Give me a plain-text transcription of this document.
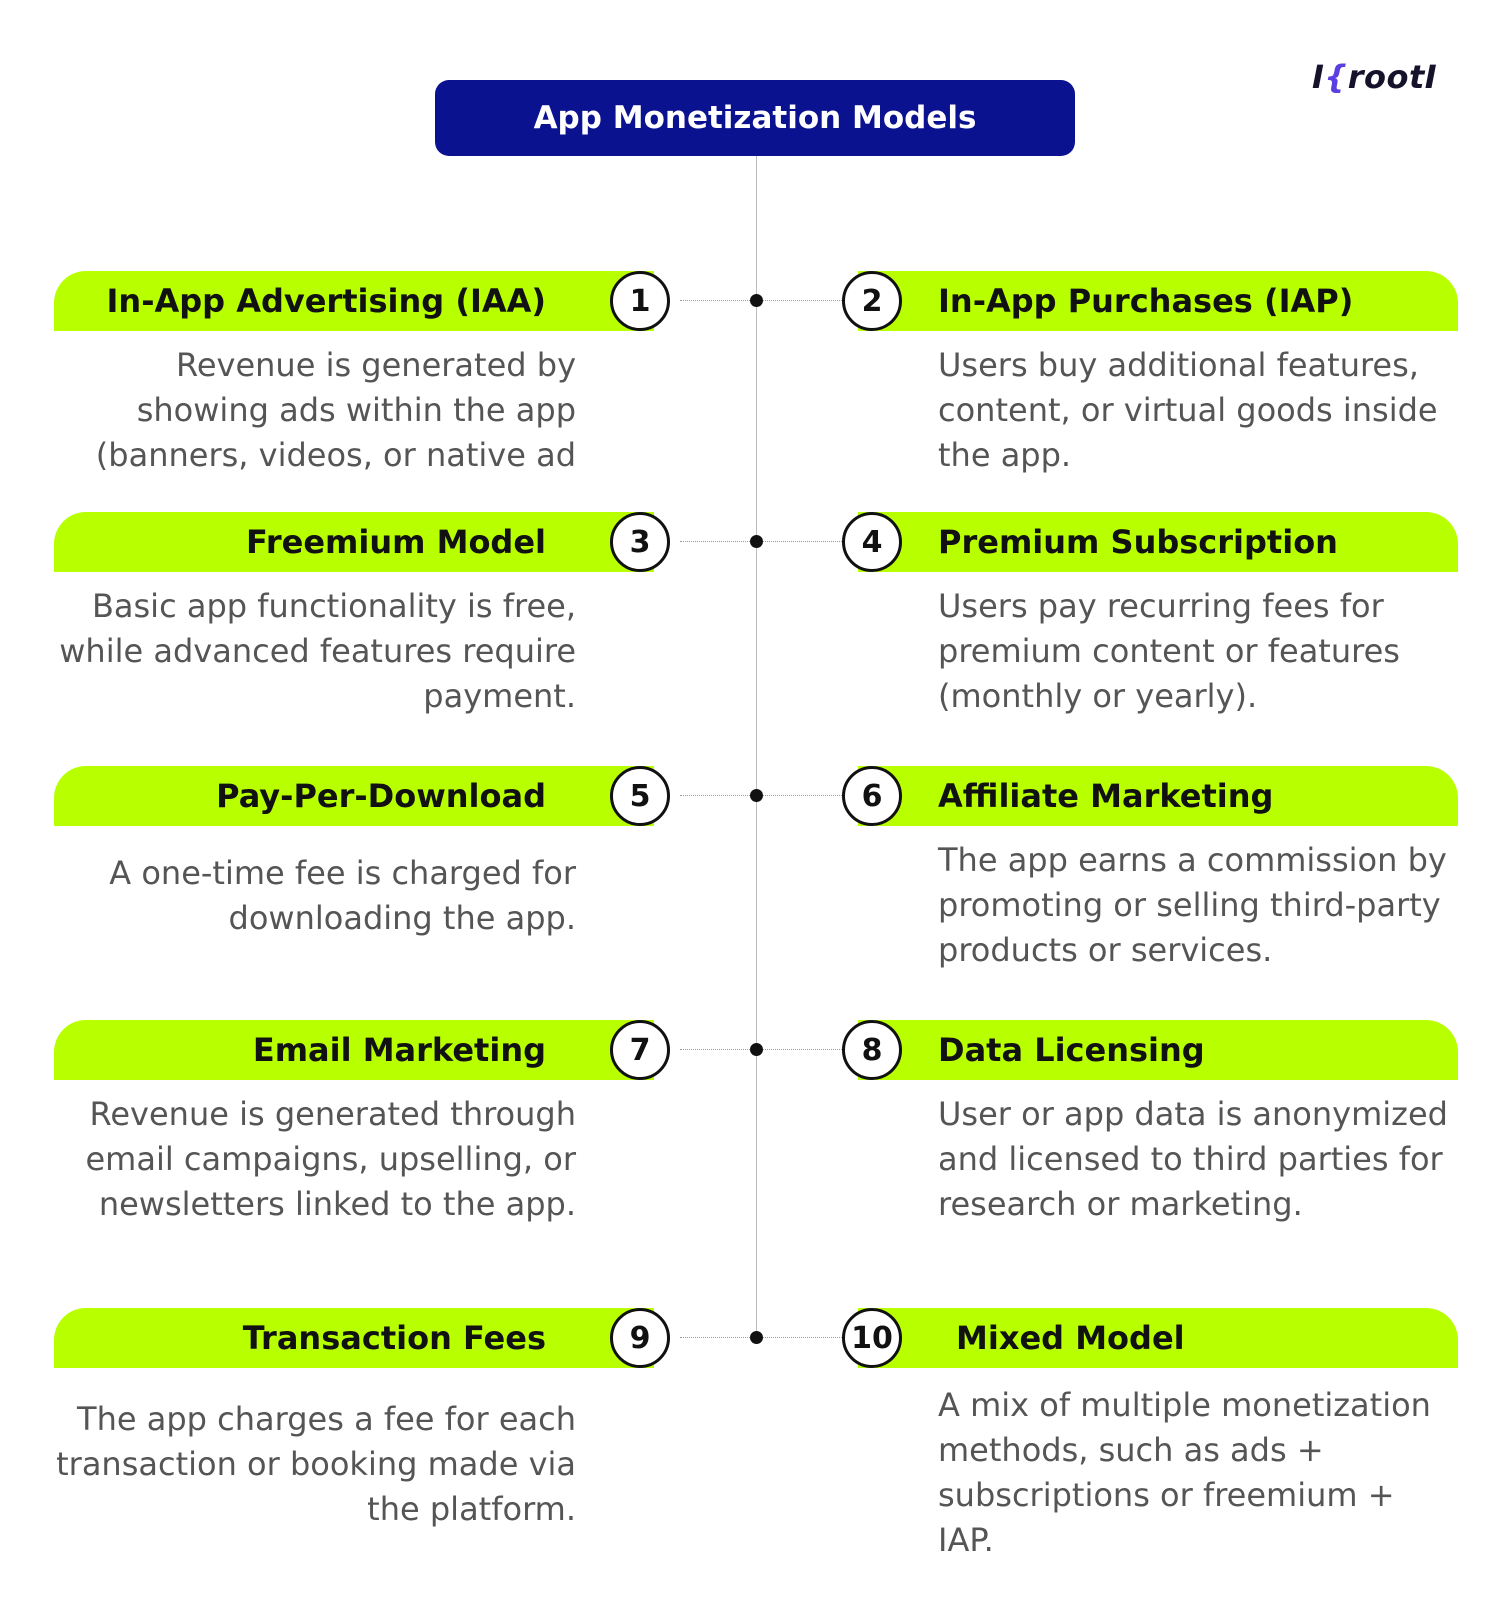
App Monetization Models
I{rootI
In-App Advertising (IAA)	1
Revenue is generated by showing ads within the app (banners, videos, or native ad
In-App Purchases (IAP)
2
Users buy additional features, content, or virtual goods inside the app.
Freemium Model	3
Basic app functionality is free, while advanced features require payment.
Premium Subscription
4
Users pay recurring fees for premium content or features (monthly or yearly).
Pay-Per-Download	5
A one-time fee is charged for downloading the app.
Affiliate Marketing
6
The app earns a commission by promoting or selling third-party products or services.
Email Marketing	7
Revenue is generated through email campaigns, upselling, or newsletters linked to the app.
Data Licensing
8
User or app data is anonymized and licensed to third parties for research or marketing.
Transaction Fees	9
The app charges a fee for each transaction or booking made via the platform.
Mixed Model
10
A mix of multiple monetization methods, such as ads + subscriptions or freemium + IAP.
